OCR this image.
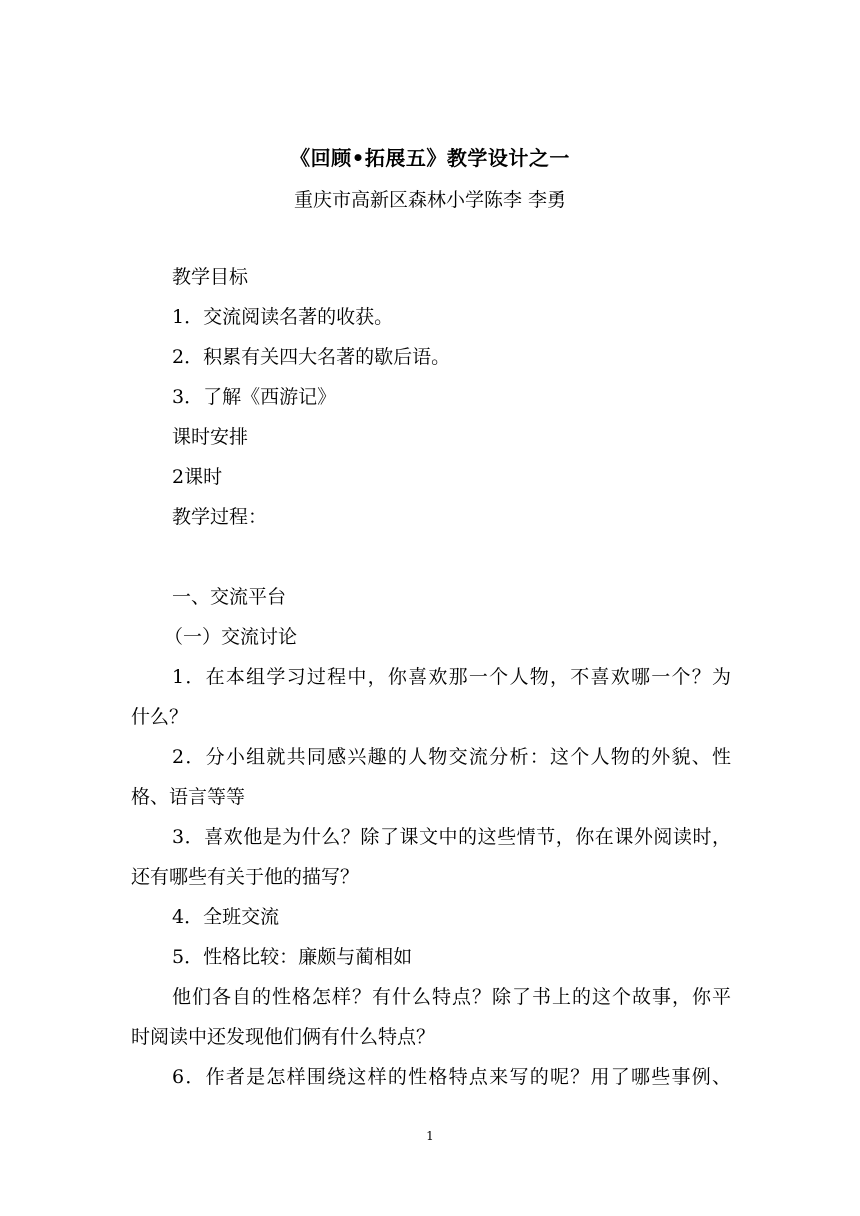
《回顾•拓展五》教学设计之一
重庆市高新区森林小学陈李 李勇
教学目标
1．交流阅读名著的收获。
2．积累有关四大名著的歇后语。
3．了解《西游记》
课时安排
2课时
教学过程：
一、交流平台
（一）交流讨论
1．在本组学习过程中，你喜欢那一个人物，不喜欢哪一个？为
什么？
2．分小组就共同感兴趣的人物交流分析：这个人物的外貌、性
格、语言等等
3．喜欢他是为什么？除了课文中的这些情节，你在课外阅读时，
还有哪些有关于他的描写？
4．全班交流
5．性格比较：廉颇与蔺相如
他们各自的性格怎样？有什么特点？除了书上的这个故事，你平
时阅读中还发现他们俩有什么特点？
6．作者是怎样围绕这样的性格特点来写的呢？用了哪些事例、
1
